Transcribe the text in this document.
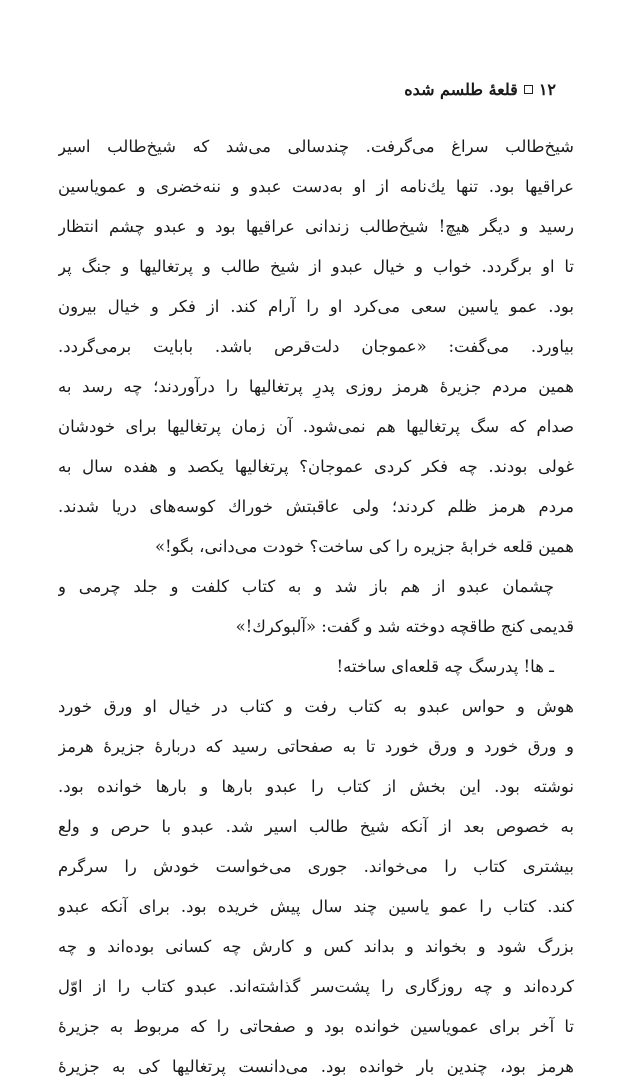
۱۲
قلعهٔ طلسم شده
شیخ‌طالب سراغ می‌گرفت. چندسالی می‌شد که شیخ‌طالب اسیر
عراقیها بود. تنها یك‌نامه از او به‌دست عبدو و ننه‌خضری و عمو‌یاسین
رسید و دیگر هیچ! شیخ‌طالب زندانی عراقیها بود و عبدو چشم انتظار
تا او برگردد. خواب و خیال عبدو از شیخ طالب و پرتغالیها و جنگ پر
بود. عمو یاسین سعی می‌کرد او را آرام کند. از فکر و خیال بیرون
بیاورد. می‌گفت: «عموجان دلت‌قرص باشد. بابایت برمی‌گردد.
همین مردم جزیرهٔ هرمز روزی پدرِ پرتغالیها را درآوردند؛ چه رسد به
صدام که سگ پرتغالیها هم نمی‌شود. آن زمان پرتغالیها برای خودشان
غولی بودند. چه فکر کردی عموجان؟ پرتغالیها یکصد و هفده سال به
مردم هرمز ظلم کردند؛ ولی عاقبتش خوراك کوسه‌های دریا شدند.
همین قلعه خرابهٔ جزیره را کی ساخت؟ خودت می‌دانی، بگو!»
چشمان عبدو از هم باز شد و به کتاب کلفت و جلد چرمی و
قدیمی کنج طاقچه دوخته شد و گفت: «آلبوکرك!»
ـ ها! پدرسگ چه قلعه‌ای ساخته!
هوش و حواس عبدو به کتاب رفت و کتاب در خیال او ورق خورد
و ورق خورد و ورق خورد تا به صفحاتی رسید که دربارهٔ جزیرهٔ هرمز
نوشته بود. این بخش از کتاب را عبدو بارها و بارها خوانده بود.
به خصوص بعد از آنکه شیخ طالب اسیر شد. عبدو با حرص و ولع
بیشتری کتاب را می‌خواند. جوری می‌خواست خودش را سرگرم
کند. کتاب را عمو یاسین چند سال پیش خریده بود. برای آنکه عبدو
بزرگ شود و بخواند و بداند کس و کارش چه کسانی بوده‌اند و چه
کرده‌اند و چه روزگاری را پشت‌سر گذاشته‌اند. عبدو کتاب را از اوّل
تا آخر برای عمو‌یاسین خوانده بود و صفحاتی را که مربوط به جزیرهٔ
هرمز بود، چندین بار خوانده بود. می‌دانست پرتغالیها کی به جزیرهٔ
